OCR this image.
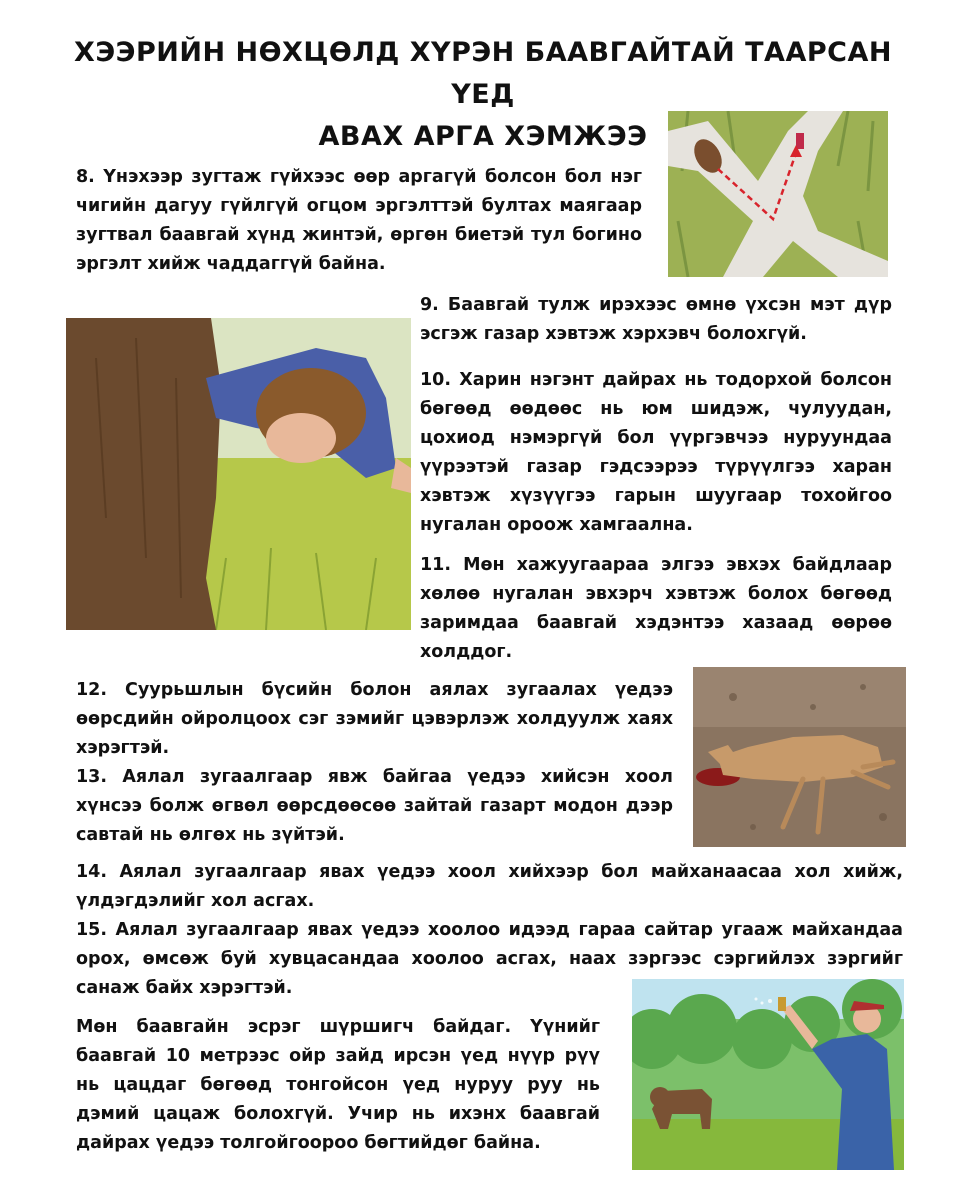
ХЭЭРИЙН НӨХЦӨЛД ХҮРЭН БААВГАЙТАЙ ТААРСАН ҮЕД
АВАХ АРГА ХЭМЖЭЭ

8. Үнэхээр зугтаж гүйхээс өөр аргагүй болсон бол нэг чигийн дагуу гүйлгүй огцом эргэлттэй бултах маягаар зугтвал баавгай хүнд жинтэй, өргөн биетэй тул богино эргэлт хийж чаддаггүй байна.

9. Баавгай тулж ирэхээс өмнө үхсэн мэт дүр эсгэж газар хэвтэж хэрхэвч болохгүй.

10. Харин нэгэнт дайрах нь тодорхой болсон бөгөөд өөдөөс нь юм шидэж, чулуудан, цохиод нэмэргүй бол үүргэвчээ нуруундаа үүрээтэй газар гэдсээрээ түрүүлгээ харан хэвтэж хүзүүгээ гарын шуугаар тохойгоо нугалан ороож хамгаална.

11. Мөн хажуугаараа элгээ эвхэх байдлаар хөлөө нугалан эвхэрч хэвтэж болох бөгөөд заримдаа баавгай хэдэнтээ хазаад өөрөө холддог.

12. Суурьшлын бүсийн болон аялах зугаалах үедээ өөрсдийн ойролцоох сэг зэмийг цэвэрлэж холдуулж хаях хэрэгтэй.

13. Аялал зугаалгаар явж байгаа үедээ хийсэн хоол хүнсээ болж өгвөл өөрсдөөсөө зайтай газарт модон дээр савтай нь өлгөх нь зүйтэй.

14. Аялал зугаалгаар явах үедээ хоол хийхээр бол майханаасаа хол хийж, үлдэгдэлийг хол асгах.

15. Аялал зугаалгаар явах үедээ хоолоо идээд гараа сайтар угааж майхандаа орох, өмсөж буй хувцасандаа хоолоо асгах, наах зэргээс сэргийлэх зэргийг санаж байх хэрэгтэй.

Мөн баавгайн эсрэг шүршигч байдаг. Үүнийг баавгай 10 метрээс ойр зайд ирсэн үед нүүр рүү нь цацдаг бөгөөд тонгойсон үед нуруу руу нь дэмий цацаж болохгүй. Учир нь ихэнх баавгай дайрах үедээ толгойгоороо бөгтийдөг байна.
